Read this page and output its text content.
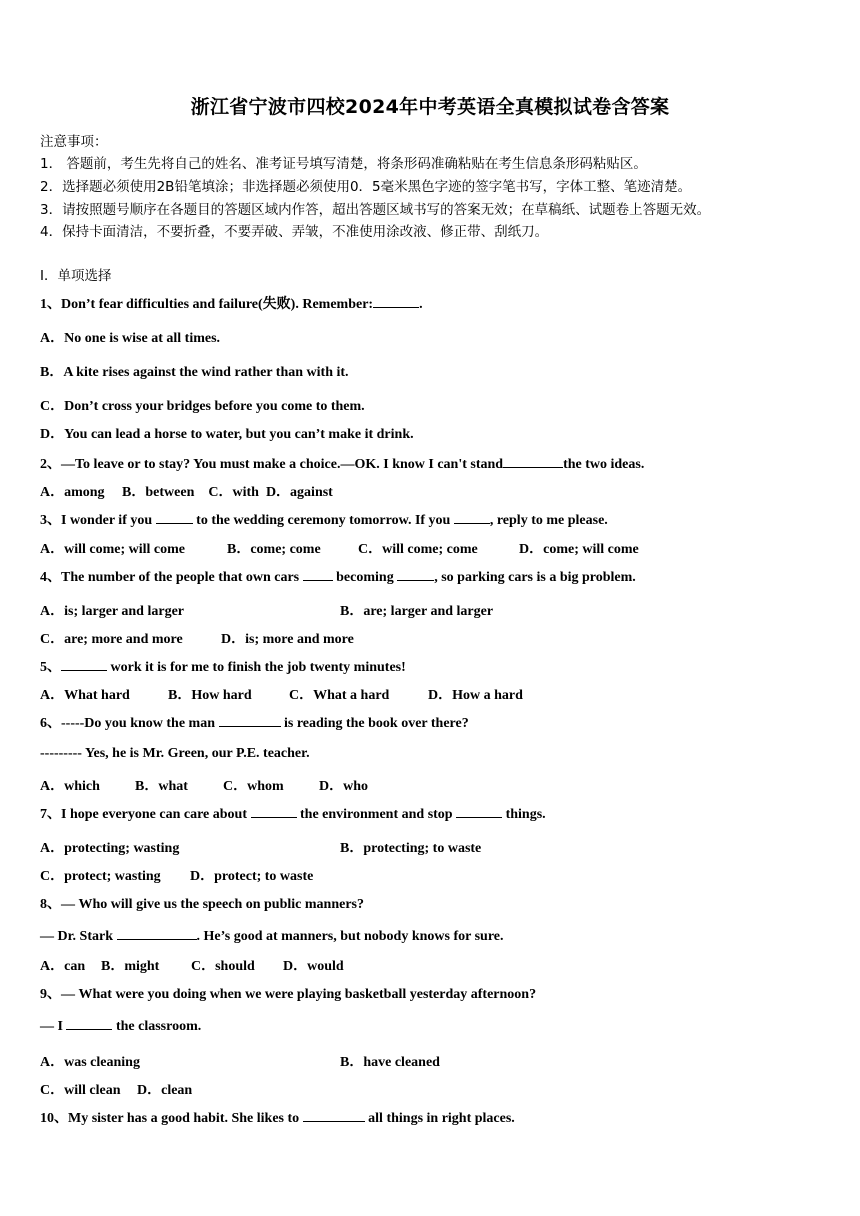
浙江省宁波市四校2024年中考英语全真模拟试卷含答案
注意事项：
1． 答题前，考生先将自己的姓名、准考证号填写清楚，将条形码准确粘贴在考生信息条形码粘贴区。
2．选择题必须使用2B铅笔填涂；非选择题必须使用0．5毫米黑色字迹的签字笔书写，字体工整、笔迹清楚。
3．请按照题号顺序在各题目的答题区域内作答，超出答题区域书写的答案无效；在草稿纸、试题卷上答题无效。
4．保持卡面清洁，不要折叠，不要弄破、弄皱，不准使用涂改液、修正带、刮纸刀。
Ⅰ．单项选择
1、Don’t fear difficulties and failure(失败). Remember:	.
A．No one is wise at all times.
B．A kite rises against the wind rather than with it.
C．Don’t cross your bridges before you come to them.
D．You can lead a horse to water, but you can’t make it drink.
2、—To leave or to stay? You must make a choice.—OK. I know I can't stand	the two ideas.
A．among     B．between    C．with  D．against
3、I wonder if you	to the wedding ceremony tomorrow. If you	, reply to me please.
A．will come; will come	B．come; come	C．will come; come	D．come; will come
4、The number of the people that own cars  becoming	, so parking cars is a big problem.
A．is; larger and larger	B．are; larger and larger
C．are; more and more	D．is; more and more
5、	work it is for me to finish the job twenty minutes!
A．What hard	B．How hard	C．What a hard	D．How a hard
6、-----Do you know the man	is reading the book over there?
--------- Yes, he is Mr. Green, our P.E. teacher.
A．which	B．what	C．whom	D．who
7、I hope everyone can care about	the environment and stop	things.
A．protecting; wasting	B．protecting; to waste
C．protect; wasting D．protect; to waste
8、— Who will give us the speech on public manners?
— Dr. Stark	. He’s good at manners, but nobody knows for sure.
A．can B．might C．should D．would
9、— What were you doing when we were playing basketball yesterday afternoon?
— I	the classroom.
A．was cleaning	B．have cleaned
C．will clean D．clean
10、My sister has a good habit. She likes to	all things in right places.
